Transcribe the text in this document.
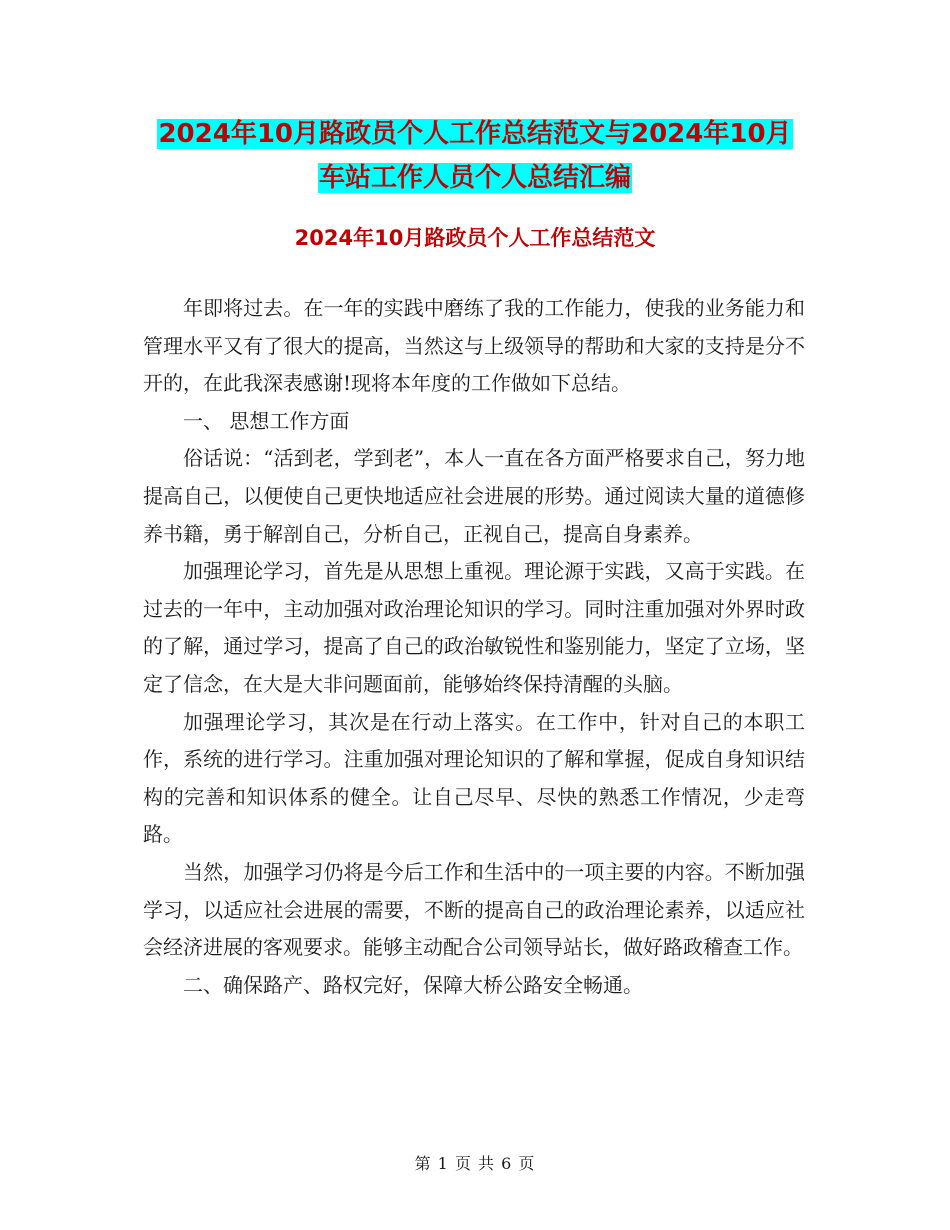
2024年10月路政员个人工作总结范文与2024年10月
车站工作人员个人总结汇编
2024年10月路政员个人工作总结范文

年即将过去。在一年的实践中磨练了我的工作能力，使我的业务能力和管理水平又有了很大的提高，当然这与上级领导的帮助和大家的支持是分不开的，在此我深表感谢!现将本年度的工作做如下总结。

一、 思想工作方面

俗话说：“活到老，学到老”，本人一直在各方面严格要求自己，努力地提高自己，以便使自己更快地适应社会进展的形势。通过阅读大量的道德修养书籍，勇于解剖自己，分析自己，正视自己，提高自身素养。

加强理论学习，首先是从思想上重视。理论源于实践，又高于实践。在过去的一年中，主动加强对政治理论知识的学习。同时注重加强对外界时政的了解，通过学习，提高了自己的政治敏锐性和鉴别能力，坚定了立场，坚定了信念，在大是大非问题面前，能够始终保持清醒的头脑。

加强理论学习，其次是在行动上落实。在工作中，针对自己的本职工作，系统的进行学习。注重加强对理论知识的了解和掌握，促成自身知识结构的完善和知识体系的健全。让自己尽早、尽快的熟悉工作情况，少走弯路。

当然，加强学习仍将是今后工作和生活中的一项主要的内容。不断加强学习，以适应社会进展的需要，不断的提高自己的政治理论素养，以适应社会经济进展的客观要求。能够主动配合公司领导站长，做好路政稽查工作。

二、确保路产、路权完好，保障大桥公路安全畅通。

第 1 页 共 6 页
